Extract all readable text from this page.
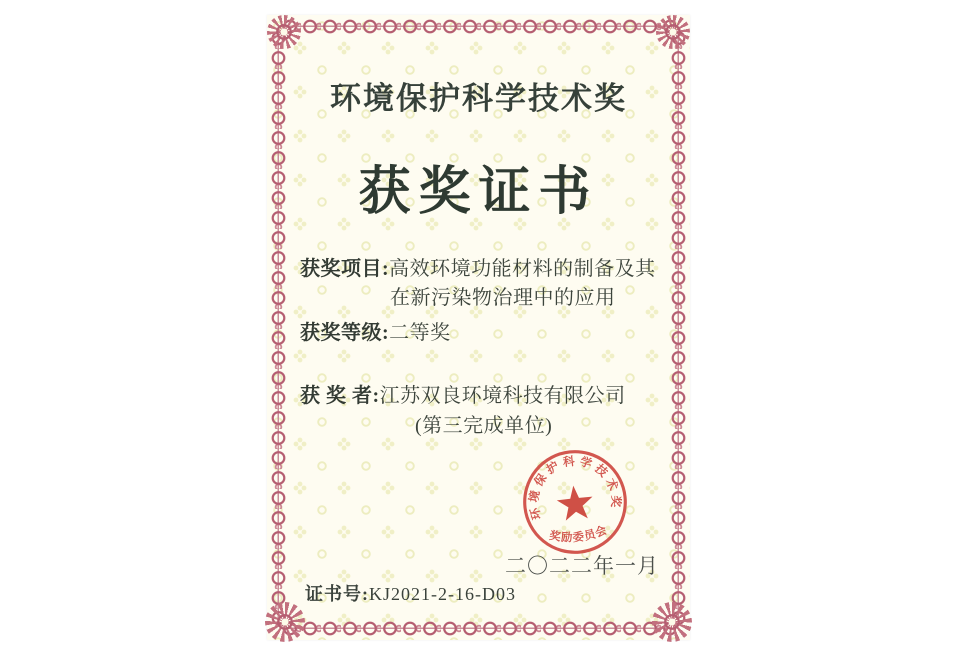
环境保护科学技术奖
获奖证书

获奖项目:高效环境功能材料的制备及其

在新污染物治理中的应用

获奖等级:二等奖

获 奖 者:江苏双良环境科技有限公司

(第三完成单位)

环境保护科学技术奖
奖励委员会

二〇二二年一月

证书号:KJ2021-2-16-D03
